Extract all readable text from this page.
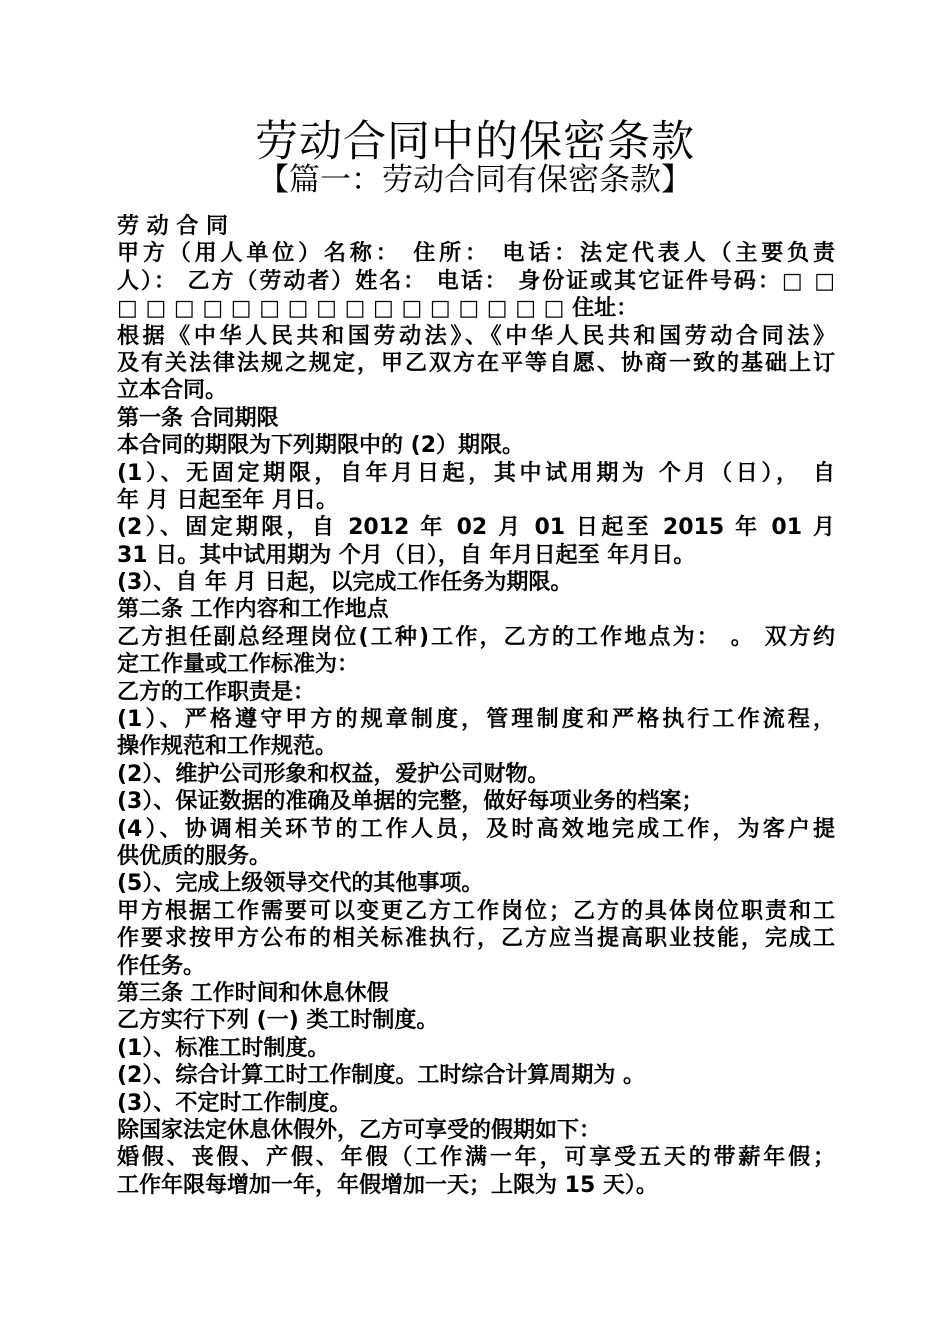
劳动合同中的保密条款
【篇一：劳动合同有保密条款】
劳 动 合 同
甲方（用人单位）名称： 住所： 电话：法定代表人（主要负责
人）： 乙方（劳动者）姓名： 电话： 身份证或其它证件号码：□ □
□ □ □ □ □ □ □ □ □ □ □ □ □ □ □ □ 住址：
根据《中华人民共和国劳动法》、《中华人民共和国劳动合同法》
及有关法律法规之规定，甲乙双方在平等自愿、协商一致的基础上订
立本合同。
第一条 合同期限
本合同的期限为下列期限中的 (2）期限。
(1）、无固定期限，自年月日起，其中试用期为 个月（日）， 自
年 月 日起至年 月日。
(2）、固定期限，自 2012 年 02 月 01 日起至 2015 年 01 月
31 日。其中试用期为 个月（日），自 年月日起至 年月日。
(3）、自 年 月 日起，以完成工作任务为期限。
第二条 工作内容和工作地点
乙方担任副总经理岗位(工种)工作，乙方的工作地点为： 。 双方约
定工作量或工作标准为：
乙方的工作职责是：
(1）、严格遵守甲方的规章制度，管理制度和严格执行工作流程，
操作规范和工作规范。
(2）、维护公司形象和权益，爱护公司财物。
(3）、保证数据的准确及单据的完整，做好每项业务的档案；
(4）、协调相关环节的工作人员，及时高效地完成工作，为客户提
供优质的服务。
(5）、完成上级领导交代的其他事项。
甲方根据工作需要可以变更乙方工作岗位；乙方的具体岗位职责和工
作要求按甲方公布的相关标准执行，乙方应当提高职业技能，完成工
作任务。
第三条 工作时间和休息休假
乙方实行下列 (一) 类工时制度。
(1）、标准工时制度。
(2）、综合计算工时工作制度。工时综合计算周期为 。
(3）、不定时工作制度。
除国家法定休息休假外，乙方可享受的假期如下：
婚假、丧假、产假、年假（工作满一年，可享受五天的带薪年假；
工作年限每增加一年，年假增加一天；上限为 15 天）。
